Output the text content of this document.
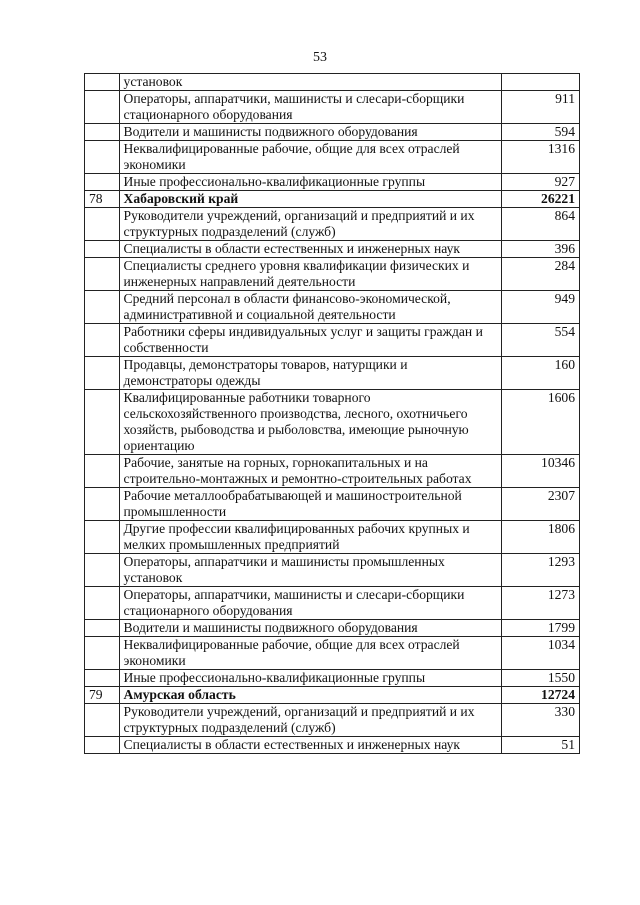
53
	установок	
	Операторы, аппаратчики, машинисты и слесари-сборщики стационарного оборудования	911
	Водители и машинисты подвижного оборудования	594
	Неквалифицированные рабочие, общие для всех отраслей экономики	1316
	Иные профессионально-квалификационные группы	927
78	Хабаровский край	26221
	Руководители учреждений, организаций и предприятий и их структурных подразделений (служб)	864
	Специалисты в области естественных и инженерных наук	396
	Специалисты среднего уровня квалификации физических и инженерных направлений деятельности	284
	Средний персонал в области финансово-экономической, административной и социальной деятельности	949
	Работники сферы индивидуальных услуг и защиты граждан и собственности	554
	Продавцы, демонстраторы товаров, натурщики и демонстраторы одежды	160
	Квалифицированные работники товарного сельскохозяйственного производства, лесного, охотничьего хозяйств, рыбоводства и рыболовства, имеющие рыночную ориентацию	1606
	Рабочие, занятые на горных, горнокапитальных и на строительно-монтажных и ремонтно-строительных работах	10346
	Рабочие металлообрабатывающей и машиностроительной промышленности	2307
	Другие профессии квалифицированных рабочих крупных и мелких промышленных предприятий	1806
	Операторы, аппаратчики и машинисты промышленных установок	1293
	Операторы, аппаратчики, машинисты и слесари-сборщики стационарного оборудования	1273
	Водители и машинисты подвижного оборудования	1799
	Неквалифицированные рабочие, общие для всех отраслей экономики	1034
	Иные профессионально-квалификационные группы	1550
79	Амурская область	12724
	Руководители учреждений, организаций и предприятий и их структурных подразделений (служб)	330
	Специалисты в области естественных и инженерных наук	51
